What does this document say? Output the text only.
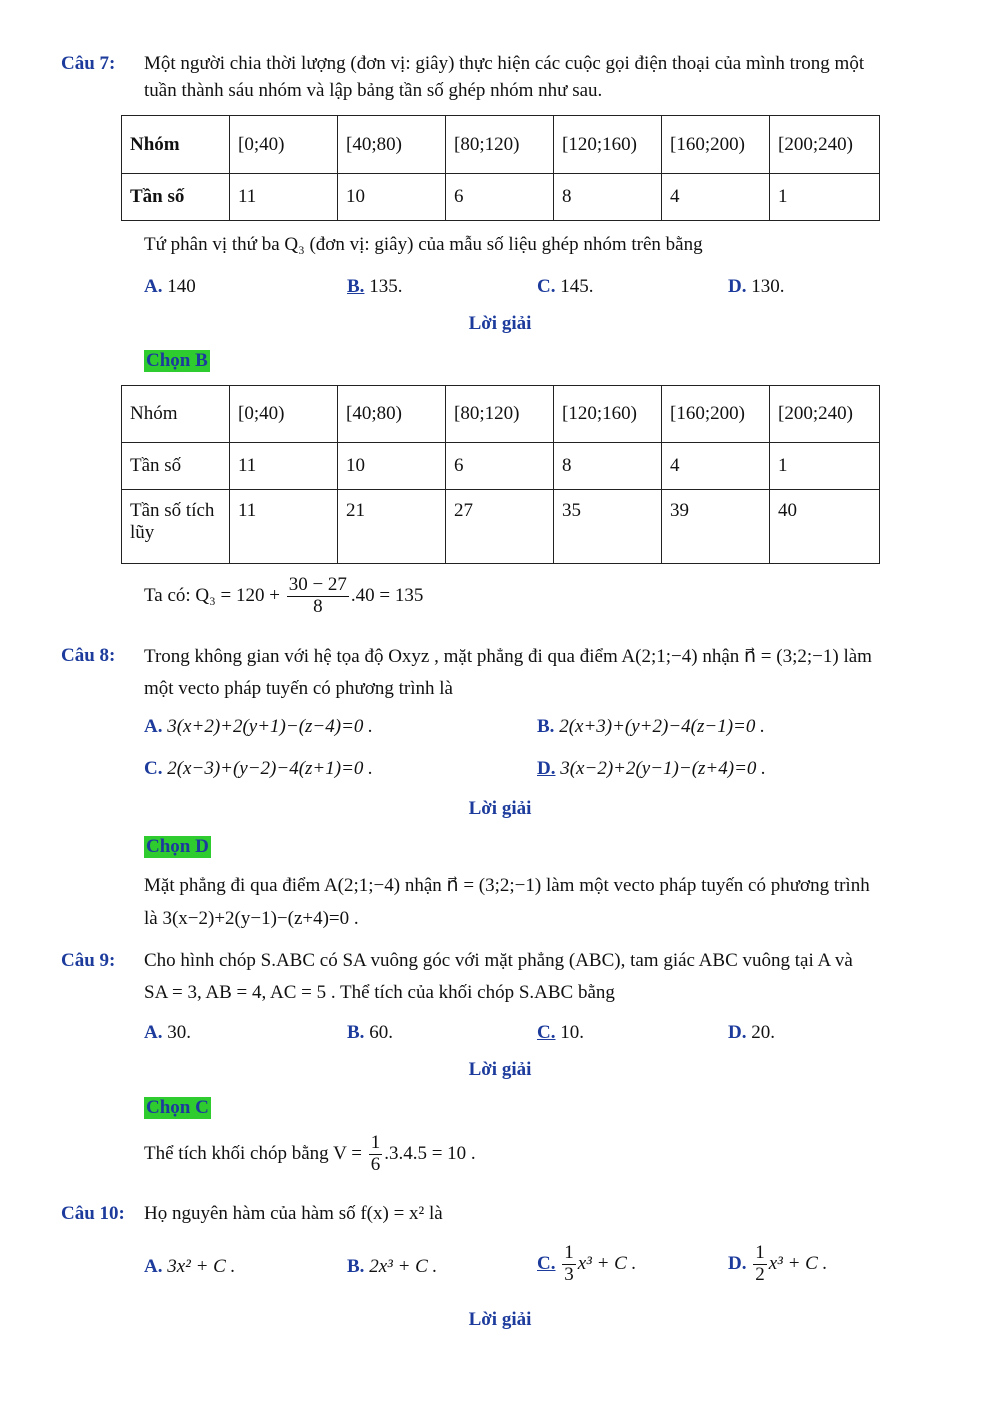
Câu 7: Một người chia thời lượng (đơn vị: giây) thực hiện các cuộc gọi điện thoại của mình trong một
tuần thành sáu nhóm và lập bảng tần số ghép nhóm như sau.
Nhóm	[0;40)	[40;80)	[80;120)	[120;160)	[160;200)	[200;240)
Tần số	11	10	6	8	4	1
Tứ phân vị thứ ba Q₃ (đơn vị: giây) của mẫu số liệu ghép nhóm trên bằng
A. 140	B. 135.	C. 145.	D. 130.
Lời giải
Chọn B
Nhóm	[0;40)	[40;80)	[80;120)	[120;160)	[160;200)	[200;240)
Tần số	11	10	6	8	4	1
Tần số tích lũy	11	21	27	35	39	40
Ta có: $Q_3 = 120 + \frac{30 - 27}{8} .40 = 135$
Câu 8: Trong không gian với hệ tọa độ Oxyz , mặt phẳng đi qua điểm A(2;1;−4) nhận n⃗ = (3;2;−1) làm
một vecto pháp tuyến có phương trình là
A. 3(x+2)+2(y+1)−(z−4)=0 .	B. 2(x+3)+(y+2)−4(z−1)=0 .
C. 2(x−3)+(y−2)−4(z+1)=0 .	D. 3(x−2)+2(y−1)−(z+4)=0 .
Lời giải
Chọn D
Mặt phẳng đi qua điểm A(2;1;−4) nhận n⃗ = (3;2;−1) làm một vecto pháp tuyến có phương trình
là 3(x−2)+2(y−1)−(z+4)=0 .
Câu 9: Cho hình chóp S.ABC có SA vuông góc với mặt phẳng (ABC), tam giác ABC vuông tại A và
SA = 3, AB = 4, AC = 5 . Thể tích của khối chóp S.ABC bằng
A. 30.	B. 60.	C. 10.	D. 20.
Lời giải
Chọn C
Thể tích khối chóp bằng $V = \frac{1}{6} .3.4.5 = 10$ .
Câu 10: Họ nguyên hàm của hàm số f(x) = x² là
A. 3x² + C .	B. 2x³ + C .	C. $\frac{1}{3} x^3 + C$ .	D. $\frac{1}{2} x^3 + C$ .
Lời giải
